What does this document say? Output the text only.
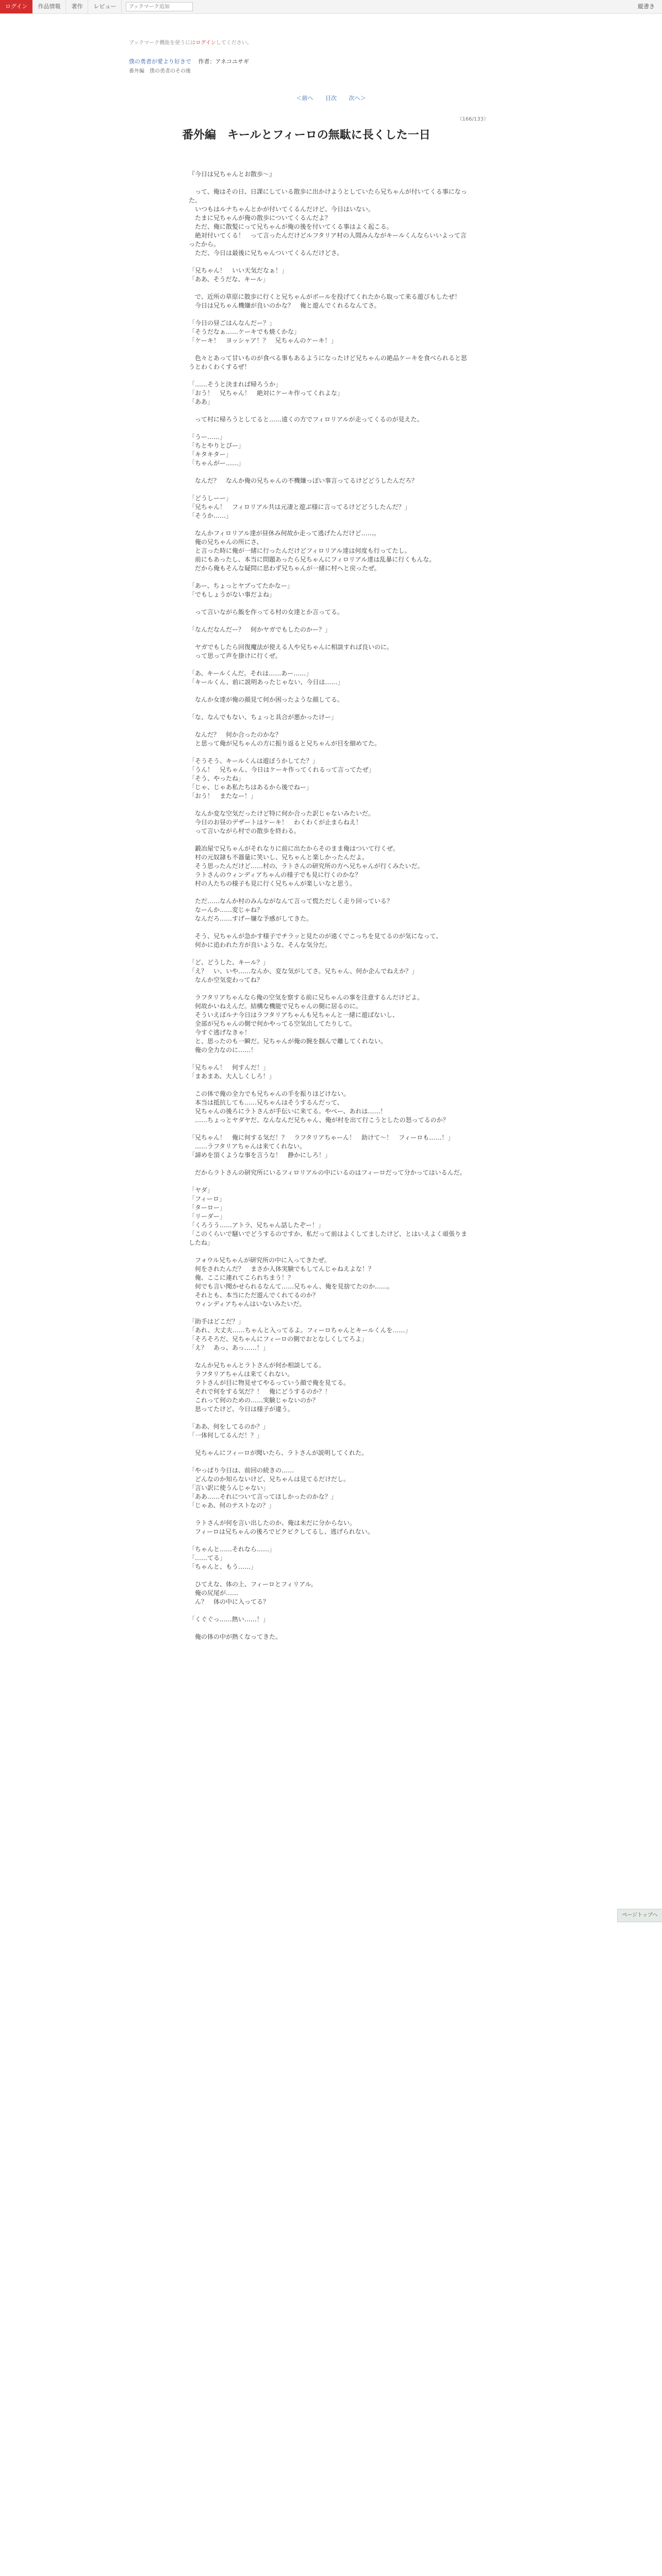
ログイン	作品情報	著作	レビュー
ブックマーク追加	縦書き
ブックマーク機能を使うにはログインしてください。
僕の勇者が愛より好きで 作者：アネコユサギ
番外編　僕の勇者のその後
＜前へ 目次 次へ＞
（166/133）
番外編　キールとフィーロの無駄に長くした一日

『今日は兄ちゃんとお散歩～』

　って、俺はその日、日課にしている散歩に出かけようとしていたら兄ちゃんが付いてくる事になった。

　いつもはルナちゃんとかが付いてくるんだけど、今日はいない。

　たまに兄ちゃんが俺の散歩についてくるんだよ？

　ただ、俺に散髪にって兄ちゃんが俺の後を付いてくる事はよく起こる。

　絶対付いてくる！　って言ったんだけどルフタリア村の人間みんながキールくんならいいよって言ったから。

　ただ、今日は最後に兄ちゃんついてくるんだけどさ。

「兄ちゃん！　いい天気だなぁ！」

「ああ、そうだな、キール」

　で、近所の草原に散歩に行くと兄ちゃんがボールを投げてくれたから取って来る遊びもしたぜ！

　今日は兄ちゃん機嫌が良いのかな？　俺と遊んでくれるなんてさ。

「今日の昼ごはんなんだー？」

「そうだなぁ……ケーキでも焼くかな」

「ケーキ！　ヨッシャア！？　兄ちゃんのケーキ！」

　色々とあって甘いものが食べる事もあるようになったけど兄ちゃんの絶品ケーキを食べられると思うとわくわくするぜ！

「……そうと決まれば帰ろうか」

「おう！　兄ちゃん！　絶対にケーキ作ってくれよな」

「ああ」

　って村に帰ろうとしてると……遠くの方でフィロリアルが走ってくるのが見えた。

「うー……」

「ちとやりとぴー」

「キタキター」

「ちゃんがー……」

　なんだ？　なんか俺の兄ちゃんの不機嫌っぽい事言ってるけどどうしたんだろ？

「どうしーー」

「兄ちゃん！　フィロリアル共は元凄と遊ぶ様に言ってるけどどうしたんだ？」

「そうか……」

　なんかフィロリアル達が昼休み何故か走って逃げたんだけど……。

　俺の兄ちゃんの所にさ、

　と言った時に俺が一緒に行ったんだけどフィロリアル達は何度も行ってたし。

　前にもあったし、本当に問題あったら兄ちゃんにフィロリアル達は乱暴に行くもんな。

　だから俺もそんな疑問に思わず兄ちゃんが一緒に村へと戻ったぜ。

「あー、ちょっとヤブってたかなー」

「でもしょうがない事だよね」

　って言いながら飯を作ってる村の女達とか言ってる。

「なんだなんだー？　何かヤガでもしたのかー？」

　ヤガでもしたら回復魔法が使える人や兄ちゃんに相談すれば良いのに。

　って思って声を掛けに行くぜ。

「あ、キールくんだ。それは……あー……」

「キールくん、前に説明あったじゃない、今日は……」

　なんか女達が俺の顔見て何か困ったような顔してる。

「な、なんでもない、ちょっと具合が悪かったけー」

　なんだ？　何か合ったのかな？

　と思って俺が兄ちゃんの方に振り返ると兄ちゃんが目を細めてた。

「そうそう、キールくんは遊ぼうかしてた？」

「うん！　兄ちゃん、今日はケーキ作ってくれるって言ってたぜ」

「そう、やったね」

「じゃ、じゃあ私たちはあるから後でねー」

「おう！　またなー！」

　なんか変な空気だったけど特に何か合った訳じゃないみたいだ。

　今日のお昼のデザートはケーキ！　わくわくが止まらねえ！

　って言いながら村での散歩を終わる。

　鍛冶屋で兄ちゃんがそれなりに前に出たからそのまま俺はついて行くぜ。

　村の元奴隷も不器量に笑いし、兄ちゃんと楽しかったんだよ。

　そう思ったんだけど……村の、ラトさんの研究所の方へ兄ちゃんが行くみたいだ。

　ラトさんのウィンディアちゃんの様子でも見に行くのかな？

　村の人たちの様子も見に行く兄ちゃんが楽しいなと思う。

　ただ……なんか村のみんながなんて言って慌ただしく走り回っている？

　なーんか……変じゃね？

　なんだろ……すげー嫌な予感がしてきた。

　そう、兄ちゃんが急かす様子でチラッと見たのが遠くでこっちを見てるのが気になって、

　何かに追われた方が良いような、そんな気分だ。

「ど、どうした、キール？」

「え？　い、いや……なんか、変な気がしてさ。兄ちゃん、何か企んでねえか？」

　なんか空気変わってね？

　ラフタリアちゃんなら俺の空気を察する前に兄ちゃんの事を注意するんだけどよ。

　何故かいねえんだ。結構な機能で兄ちゃんの側に居るのに。

　そういえばルナ今日はラフタリアちゃんも兄ちゃんと一緒に遊ばないし、

　全部が兄ちゃんの側で何かやってる空気出してたりして。

　今すぐ逃げなきゃ！

　と、思ったのも一瞬だ。兄ちゃんが俺の腕を掴んで離してくれない。

　俺の全力なのに……！

「兄ちゃん！　何すんだ！」

「まあまあ、大人しくしろ！」

　この体で俺の全力でも兄ちゃんの手を振りほどけない。

　本当は抵抗しても……兄ちゃんはそうするんだって、

　兄ちゃんの後ろにラトさんが手伝いに来てる。やべー、あれは……！

　……ちょっとヤダヤだ、なんなんだ兄ちゃん、俺が村を出て行こうとしたの怒ってるのか？

「兄ちゃん！　俺に何する気だ！？　ラフタリアちゃーん！　助けて～！　フィーロも……！」

　……ラフタリアちゃんは来てくれない。

「諦めを頂くような事を言うな！　静かにしろ！」

　だからラトさんの研究所にいるフィロリアルの中にいるのはフィーロだって分かってはいるんだ。

「ヤダ」

「フィーロ」

「ターロー」

「リーダー」

「くろうう……アトラ、兄ちゃん話したぞー！」

「このくらいで騒いでどうするのですか、私だって前はよくしてましたけど、とはいえよく頑張りましたね」

　フォウル兄ちゃんが研究所の中に入ってきたぜ。

　何をされたんだ？　まさか人体実験でもしてんじゃねえよな！？

　俺、ここに連れてこられちまう！？

　何でも言い聞かせられるなんて……兄ちゃん、俺を見捨てたのか……。

　それとも、本当にただ遊んでくれてるのか？

　ウィンディアちゃんはいないみたいだ。

「助手はどこだ？」

「あれ、大丈夫……ちゃんと入ってるよ。フィーロちゃんとキールくんを……」

「そろそろだ、兄ちゃんにフィーロの側でおとなしくしてろよ」

「え？　あっ、あっ……！」

　なんか兄ちゃんとラトさんが何か相談してる。

　ラフタリアちゃんは来てくれない。

　ラトさんが目に物見せてやるっていう顔で俺を見てる。

　それで何をする気だ？！　俺にどうするのか？！

　これって何のための……実験じゃないのか？

　思ってたけど、今日は様子が違う。

「ああ、何をしてるのか？」

「一体何してるんだ！？」

　兄ちゃんにフィーロが聞いたら、ラトさんが説明してくれた。

「やっぱり今日は、前回の続きの……

　どんなのか知らないけど、兄ちゃんは見てるだけだし。

「言い訳に使うんじゃない」

「ああ……それについて言ってほしかったのかな？」

「じゃあ、何のテストなの？」

　ラトさんが何を言い出したのか、俺は未だに分からない。

　フィーロは兄ちゃんの後ろでビクビクしてるし、逃げられない。

「ちゃんと……それなら……」

「……てる」

「ちゃんと、もう……」

　ひてえな、体の上、フィーロとフィリアル。

　俺の尻尾が……

　ん？　体の中に入ってる？

「くぐぐっ……熱い……！」

　俺の体の中が熱くなってきた。

ページトップへ
